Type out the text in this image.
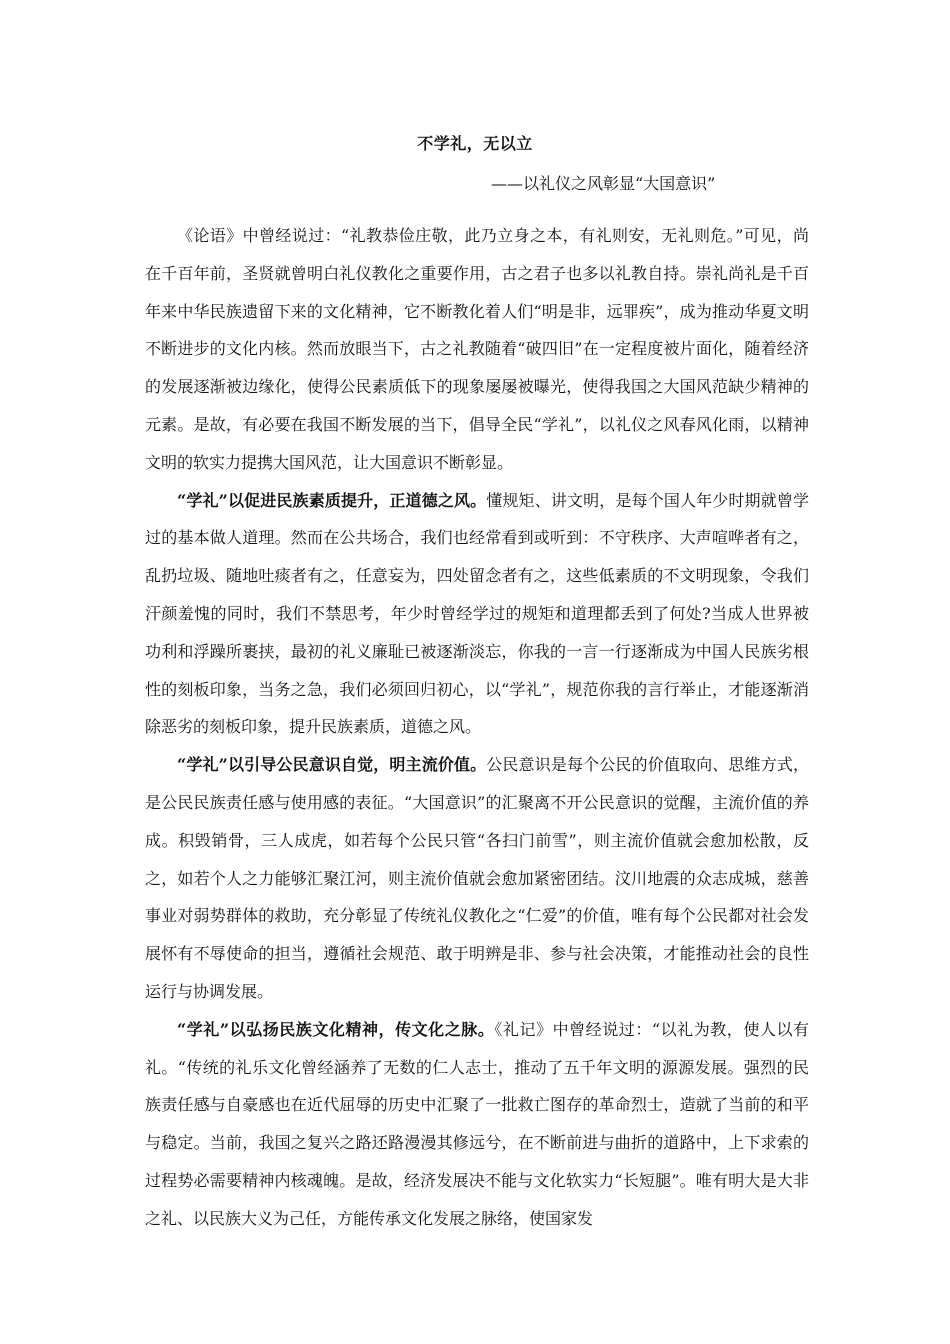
不学礼，无以立
——以礼仪之风彰显“大国意识”

《论语》中曾经说过：“礼教恭俭庄敬，此乃立身之本，有礼则安，无礼则危。”可见，尚在千百年前，圣贤就曾明白礼仪教化之重要作用，古之君子也多以礼教自持。崇礼尚礼是千百年来中华民族遗留下来的文化精神，它不断教化着人们“明是非，远罪疾”，成为推动华夏文明不断进步的文化内核。然而放眼当下，古之礼教随着“破四旧”在一定程度被片面化，随着经济的发展逐渐被边缘化，使得公民素质低下的现象屡屡被曝光，使得我国之大国风范缺少精神的元素。是故，有必要在我国不断发展的当下，倡导全民“学礼”，以礼仪之风春风化雨，以精神文明的软实力提携大国风范，让大国意识不断彰显。

“学礼”以促进民族素质提升，正道德之风。懂规矩、讲文明，是每个国人年少时期就曾学过的基本做人道理。然而在公共场合，我们也经常看到或听到：不守秩序、大声喧哗者有之，乱扔垃圾、随地吐痰者有之，任意妄为，四处留念者有之，这些低素质的不文明现象，令我们汗颜羞愧的同时，我们不禁思考，年少时曾经学过的规矩和道理都丢到了何处?当成人世界被功利和浮躁所裹挟，最初的礼义廉耻已被逐渐淡忘，你我的一言一行逐渐成为中国人民族劣根性的刻板印象，当务之急，我们必须回归初心，以“学礼”，规范你我的言行举止，才能逐渐消除恶劣的刻板印象，提升民族素质，道德之风。

“学礼”以引导公民意识自觉，明主流价值。公民意识是每个公民的价值取向、思维方式，是公民民族责任感与使用感的表征。“大国意识”的汇聚离不开公民意识的觉醒，主流价值的养成。积毁销骨，三人成虎，如若每个公民只管“各扫门前雪”，则主流价值就会愈加松散，反之，如若个人之力能够汇聚江河，则主流价值就会愈加紧密团结。汶川地震的众志成城，慈善事业对弱势群体的救助，充分彰显了传统礼仪教化之“仁爱”的价值，唯有每个公民都对社会发展怀有不辱使命的担当，遵循社会规范、敢于明辨是非、参与社会决策，才能推动社会的良性运行与协调发展。

“学礼”以弘扬民族文化精神，传文化之脉。《礼记》中曾经说过：“以礼为教，使人以有礼。“传统的礼乐文化曾经涵养了无数的仁人志士，推动了五千年文明的源源发展。强烈的民族责任感与自豪感也在近代屈辱的历史中汇聚了一批救亡图存的革命烈士，造就了当前的和平与稳定。当前，我国之复兴之路还路漫漫其修远兮，在不断前进与曲折的道路中，上下求索的过程势必需要精神内核魂魄。是故，经济发展决不能与文化软实力“长短腿”。唯有明大是大非之礼、以民族大义为己任，方能传承文化发展之脉络，使国家发
